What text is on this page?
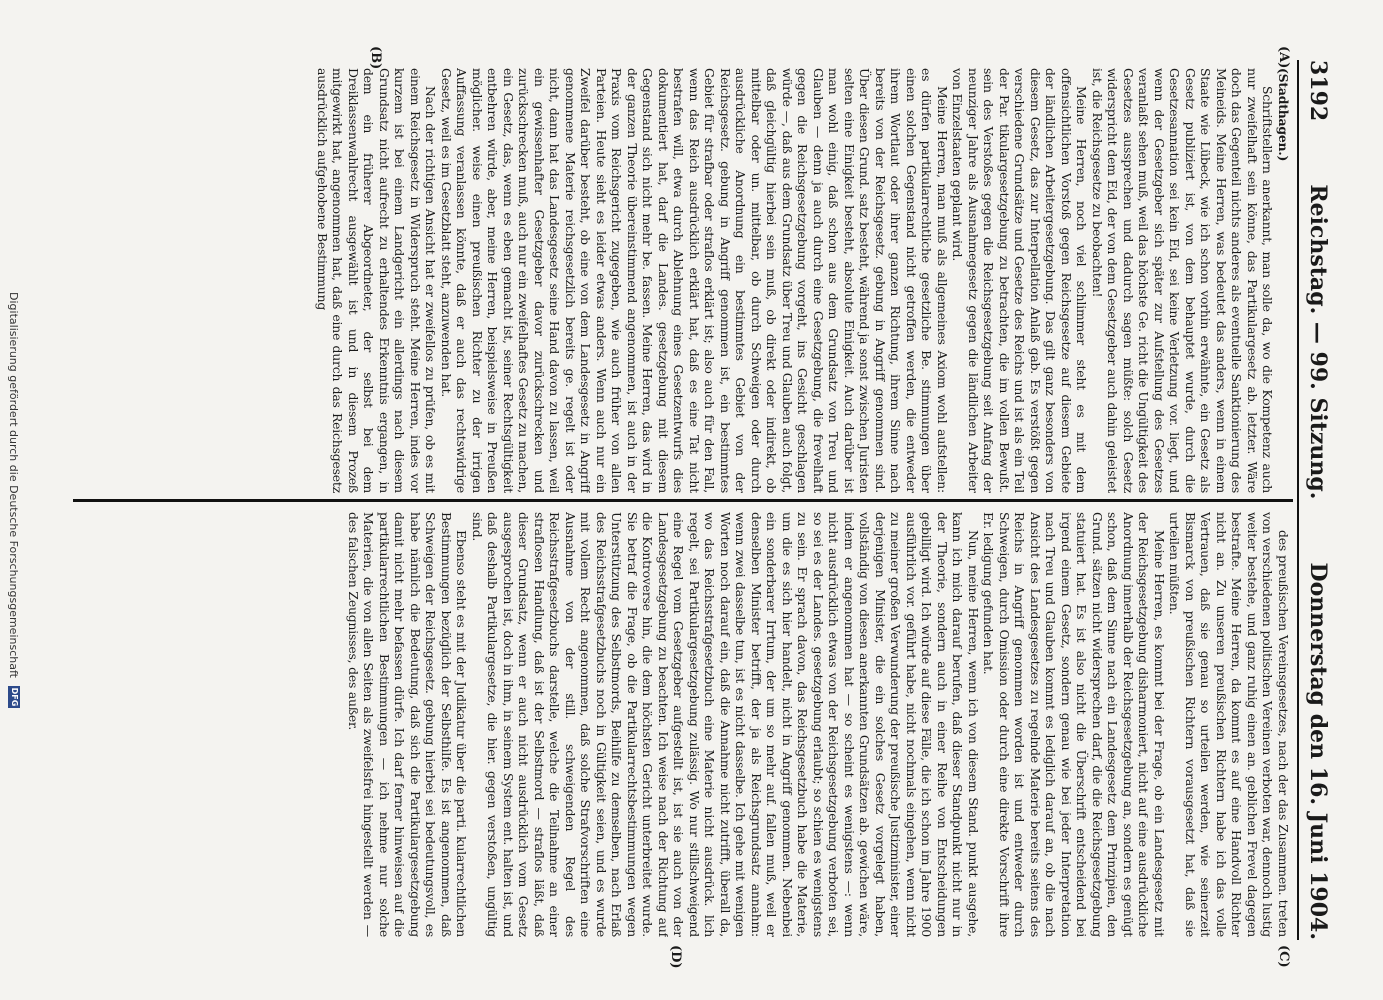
3192
Reichstag. — 99. Sitzung.
Donnerstag den 16. Juni 1904.
(A)
(B)
(C)
(D)

(Stadthagen.)

Schriftstellern anerkannt, man solle da, wo die Kompetenz auch nur zweifelhaft sein könne, das Partikulargesetz ab. letzter. Wäre doch das Gegenteil nichts anderes als eventuelle Sanktionierung des Meineids. Meine Herren, was bedeutet das anders, wenn in einem Staate wie Lübeck, wie ich schon vorhin erwähnte, ein Gesetz als Gesetz publiziert ist, von dem behauptet wurde, durch die Gesetzesannation sei kein Eid, sei keine Verletzung vor. liegt, und wenn der Gesetzgeber sich später zur Aufstellung des Gesetzes veranlaßt sehen muß, weil das höchste Ge. richt die Ungültigkeit des Gesetzes aussprechen und dadurch sagen müßte: solch Gesetz widerspricht dem Eid, der von dem Gesetzgeber auch dahin geleistet ist, die Reichsgesetze zu beobachten!

Meine Herren, noch viel schlimmer steht es mit dem offensichtlichen Vorstoß gegen Reichsgesetze auf diesem Gebiete der ländlichen Arbeitergesetzgebung. Das gilt ganz besonders von diesem Gesetz, das zur Interpellation Anlaß gab. Es verstößt gegen verschiedene Grundsätze und Gesetze des Reichs und ist als ein Teil der Par. tikulargesetzgebung zu betrachten, die im vollen Bewußt. sein des Verstoßes gegen die Reichsgesetzgebung seit Anfang der neunziger Jahre als Ausnahmegesetz gegen die ländlichen Arbeiter von Einzelstaaten geplant wird.

Meine Herren, man muß als allgemeines Axiom wohl aufstellen: es dürfen partikularrechtliche gesetzliche Be. stimmungen über einen solchen Gegenstand nicht getroffen werden, die entweder ihrem Wortlaut oder ihrer ganzen Richtung, ihrem Sinne nach bereits von der Reichsgesetz. gebung in Angriff genommen sind. Über diesen Grund. satz besteht, während ja sonst zwischen Juristen selten eine Einigkeit besteht, absolute Einigkeit. Auch darüber ist man wohl einig, daß schon aus dem Grundsatz von Treu und Glauben — denn ja auch durch eine Gesetzgebung, die frevelhaft gegen die Reichsgesetzgebung vorgeht, ins Gesicht geschlagen würde —, daß aus dem Grundsatz über Treu und Glauben auch folgt, daß gleichgültig hierbei sein muß, ob direkt oder indirekt, ob mittelbar oder un. mittelbar, ob durch Schweigen oder durch ausdrückliche Anordnung ein bestimmtes Gebiet von der Reichsgesetz. gebung in Angriff genommen ist, ein bestimmtes Gebiet für strafbar oder straflos erklärt ist; also auch für den Fall, wenn das Reich ausdrücklich erklärt hat, daß es eine Tat nicht bestrafen will, etwa durch Ablehnung eines Gesetzentwurfs dies dokumentiert hat, darf die Landes. gesetzgebung mit diesem Gegenstand sich nicht mehr be. fassen. Meine Herren, das wird in der ganzen Theorie übereinstimmend angenommen, ist auch in der Praxis vom Reichsgericht zugegeben, wie auch früher von allen Parteien. Heute sieht es leider etwas anders. Wenn auch nur ein Zweifel darüber besteht, ob eine von dem Landesgesetz in Angriff genommene Materie reichsgesetzlich bereits ge. regelt ist oder nicht, dann hat das Landesgesetz seine Hand davon zu lassen, weil ein gewissenhafter Gesetzgeber davor zurückschrecken und zurückschrecken muß, auch nur ein zweifelhaftes Gesetz zu machen, ein Gesetz, das, wenn es eben gemacht ist, seiner Rechtsgültigkeit entbehren würde, aber, meine Herren, beispielsweise in Preußen möglicher. weise einen preußischen Richter zu der irrigen Auffassung veranlassen könnte, daß er auch das rechtswidrige Gesetz, weil es im Gesetzblatt steht, anzuwenden hat.

Nach der richtigen Ansicht hat er zweifellos zu prüfen, ob es mit einem Reichsgesetz in Widerspruch steht. Meine Herren, indes vor kurzem ist bei einem Landgericht ein allerdings nach diesem Grundsatz nicht aufrecht zu erhaltendes Erkenntnis ergangen, in dem ein früherer Abgeordneter, der selbst bei dem Dreiklassenwahlrecht ausgewählt ist und in diesem Prozeß mitgewirkt hat, angenommen hat, daß eine durch das Reichsgesetz ausdrücklich aufgehobene Bestimmung

des preußischen Vereinsgesetzes, nach der das Zusammen. treten von verschiedenen politischen Vereinen verboten war, dennoch lustig weiter bestehe, und ganz ruhig einen an. geblichen Frevel dagegen bestrafte. Meine Herren, da kommt es auf eine Handvoll Richter nicht an. Zu unseren preußischen Richtern habe ich das volle Vertrauen, daß sie genau so urteilen werden, wie seinerzeit Bismarck von preußischen Richtern vorausgesetzt hat, daß sie urteilen müßten.

Meine Herren, es kommt bei der Frage, ob ein Landesgesetz mit der Reichsgesetzgebung disharmoniert, nicht auf eine ausdrückliche Anordnung innerhalb der Reichsgesetzgebung an, sondern es genügt schon, daß dem Sinne nach ein Landesgesetz dem Prinzipien, den Grund. sätzen nicht widersprechen darf, die die Reichsgesetzgebung statuiert hat. Es ist also nicht die Überschrift entscheidend bei irgend einem Gesetz, sondern genau wie bei jeder Interpretation nach Treu und Glauben kommt es lediglich darauf an, ob die nach Ansicht des Landesgesetzes zu regelnde Materie bereits seitens des Reichs in Angriff genommen worden ist und entweder durch Schweigen, durch Omission oder durch eine direkte Vorschrift ihre Er. ledigung gefunden hat.

Nun, meine Herren, wenn ich von diesem Stand. punkt ausgehe, kann ich mich darauf berufen, daß dieser Standpunkt nicht nur in der Theorie, sondern auch in einer Reihe von Entscheidungen gebilligt wird. Ich würde auf diese Fälle, die ich schon im Jahre 1900 ausführlich vor. geführt habe, nicht nochmals eingehen, wenn nicht zu meiner großen Verwunderung der preußische Justizminister, einer derjenigen Minister, die ein solches Gesetz vorgelegt haben, vollständig von diesen anerkannten Grundsätzen ab. gewichen wäre, indem er angenommen hat — so scheint es wenigstens —: wenn nicht ausdrücklich etwas von der Reichsgesetzgebung verboten sei, so sei es der Landes. gesetzgebung erlaubt; so schien es wenigstens zu sein. Er sprach davon, das Reichsgesetzbuch habe die Materie, um die es sich hier handelt, nicht in Angriff genommen. Nebenbei ein sonderbarer Irrtum, der um so mehr auf. fallen muß, weil er denselben Minister betrifft, der ja als Reichsgrundsatz annahm: wenn zwei dasselbe tun, ist es nicht dasselbe. Ich gehe mit wenigen Worten noch darauf ein, daß die Annahme nicht zutrifft, überall da, wo das Reichsstrafgesetzbuch eine Materie nicht ausdrück. lich regelt, sei Partikulargesetzgebung zulässig. Wo nur stillschweigend eine Regel vom Gesetzgeber aufgestellt ist, ist sie auch von der Landesgesetzgebung zu beachten. Ich weise nach der Richtung auf die Kontroverse hin, die dem höchsten Gericht unterbreitet wurde. Sie betraf die Frage, ob die Partikularrechtsbestimmungen wegen Unterstützung des Selbstmords, Beihilfe zu demselben, nach Erlaß des Reichsstrafgesetzbuchs noch in Gültigkeit seien, und es wurde mit vollem Recht angenommen, daß solche Strafvorschriften eine Ausnahme von der still. schweigenden Regel des Reichsstrafgesetzbuchs darstelle, welche die Teilnahme an einer straflosen Handlung, daß ist der Selbstmord — straflos läßt, daß dieser Grundsatz, wenn er auch nicht ausdrücklich vom Gesetz ausgesprochen ist, doch in ihm, in seinem System ent. halten ist, und daß deshalb Partikulargesetze, die hier. gegen verstoßen, ungültig sind.

Ebenso steht es mit der Judikatur über die parti. kularrechtlichen Bestimmungen bezüglich der Selbsthilfe. Es ist angenommen, daß Schweigen der Reichsgesetz. gebung hierbei sei bedeutungsvoll, es habe nämlich die Bedeutung, daß sich die Partikulargesetzgebung damit nicht mehr befassen dürfe. Ich darf ferner hinweisen auf die partikularrechtlichen Bestimmungen — ich nehme nur solche Materien, die von allen Seiten als zweifelsfrei hingestellt werden — des falschen Zeugnisses, des außer.

Digitalisierung gefördert durch die Deutsche Forschungsgemeinschaft
DFG
